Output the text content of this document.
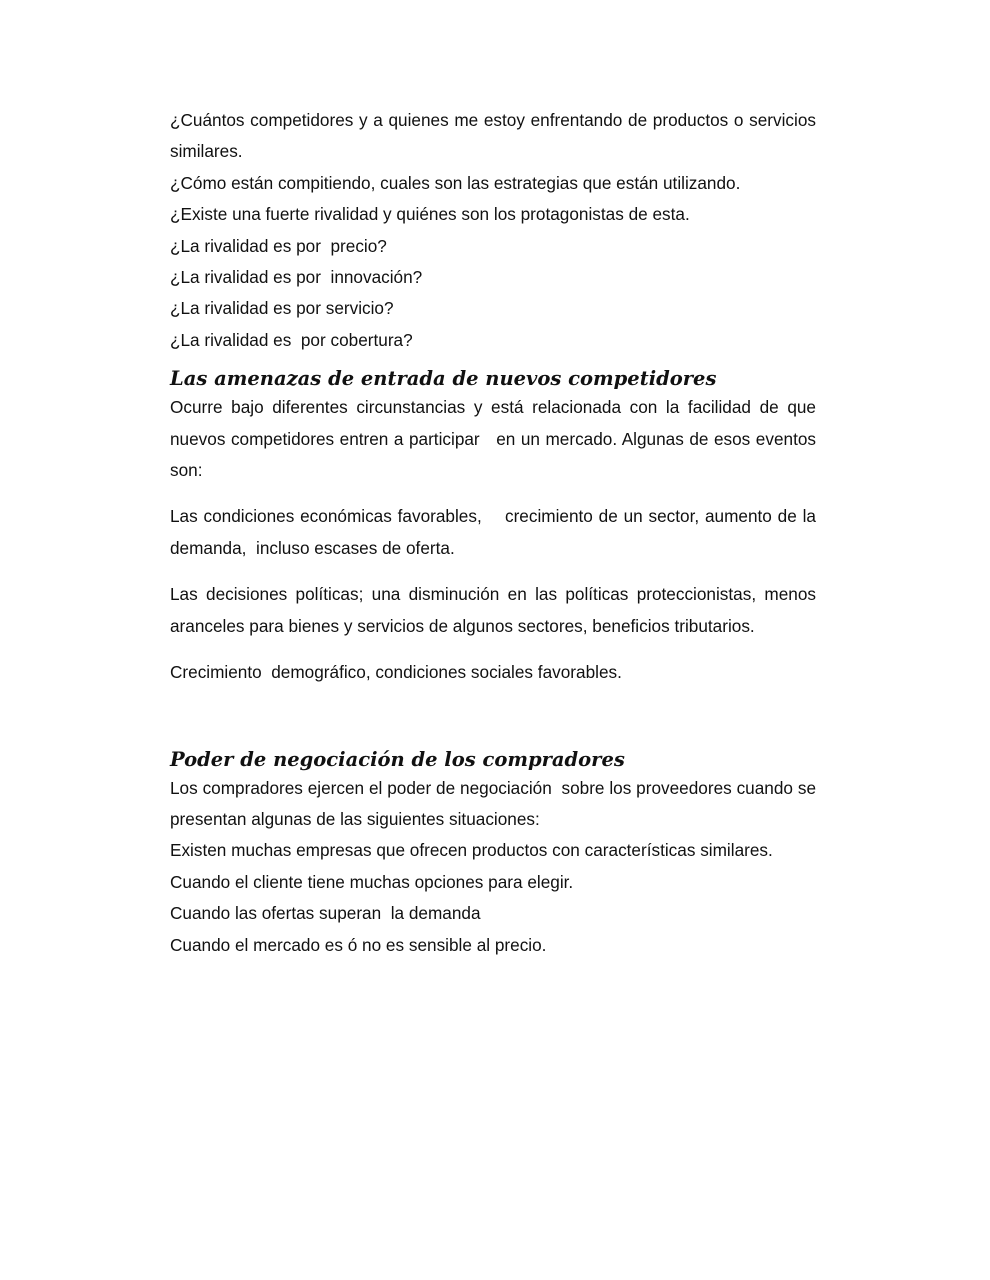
¿Cuántos competidores y a quienes me estoy enfrentando de productos o servicios similares.
¿Cómo están compitiendo, cuales son las estrategias que están utilizando.
¿Existe una fuerte rivalidad y quiénes son los protagonistas de esta.
¿La rivalidad es por  precio?
¿La rivalidad es por  innovación?
¿La rivalidad es por servicio?
¿La rivalidad es  por cobertura?
Las amenazas de entrada de nuevos competidores
Ocurre bajo diferentes circunstancias y está relacionada con la facilidad de que nuevos competidores entren a participar   en un mercado. Algunas de esos eventos  son:
Las condiciones económicas favorables,    crecimiento de un sector, aumento de la demanda,  incluso escases de oferta.
Las decisiones políticas; una disminución en las políticas proteccionistas, menos aranceles para bienes y servicios de algunos sectores, beneficios tributarios.
Crecimiento  demográfico, condiciones sociales favorables.
Poder de negociación de los compradores
Los compradores ejercen el poder de negociación  sobre los proveedores cuando se presentan algunas de las siguientes situaciones:
Existen muchas empresas que ofrecen productos con características similares.
Cuando el cliente tiene muchas opciones para elegir.
Cuando las ofertas superan  la demanda
Cuando el mercado es ó no es sensible al precio.
